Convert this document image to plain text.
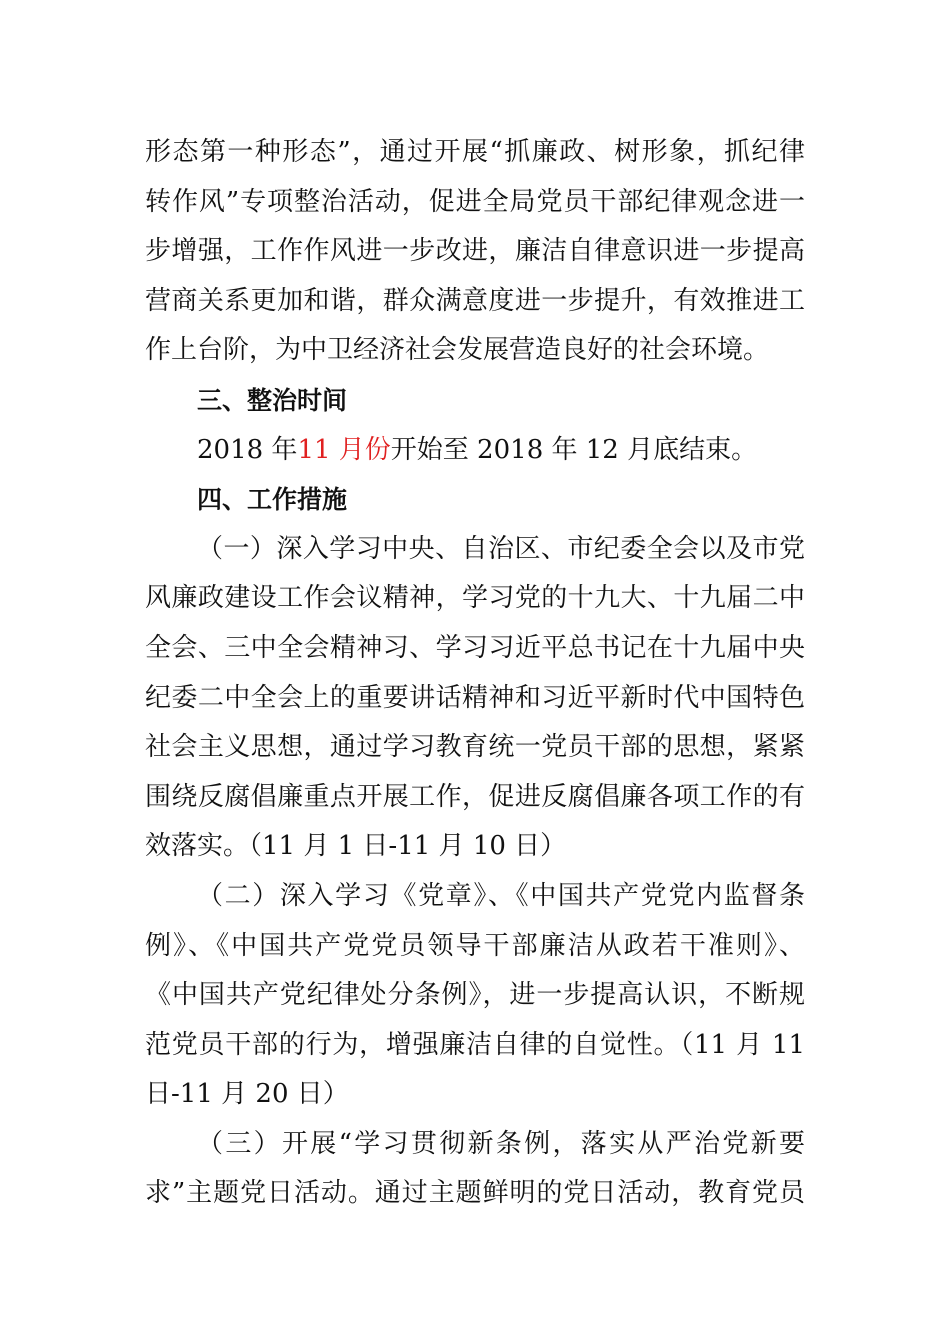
形态第一种形态”，通过开展“抓廉政、树形象，抓纪律
转作风”专项整治活动，促进全局党员干部纪律观念进一
步增强，工作作风进一步改进，廉洁自律意识进一步提高
营商关系更加和谐，群众满意度进一步提升，有效推进工
作上台阶，为中卫经济社会发展营造良好的社会环境。
三、整治时间
2018 年11 月份开始至 2018 年 12 月底结束。
四、工作措施
（一）深入学习中央、自治区、市纪委全会以及市党
风廉政建设工作会议精神，学习党的十九大、十九届二中
全会、三中全会精神习、学习习近平总书记在十九届中央
纪委二中全会上的重要讲话精神和习近平新时代中国特色
社会主义思想，通过学习教育统一党员干部的思想，紧紧
围绕反腐倡廉重点开展工作，促进反腐倡廉各项工作的有
效落实。（11 月 1 日-11 月 10 日）
（二）深入学习《党章》、《中国共产党党内监督条
例》、《中国共产党党员领导干部廉洁从政若干准则》、
《中国共产党纪律处分条例》，进一步提高认识，不断规
范党员干部的行为，增强廉洁自律的自觉性。（11 月 11
日-11 月 20 日）
（三）开展“学习贯彻新条例，落实从严治党新要
求”主题党日活动。通过主题鲜明的党日活动，教育党员
